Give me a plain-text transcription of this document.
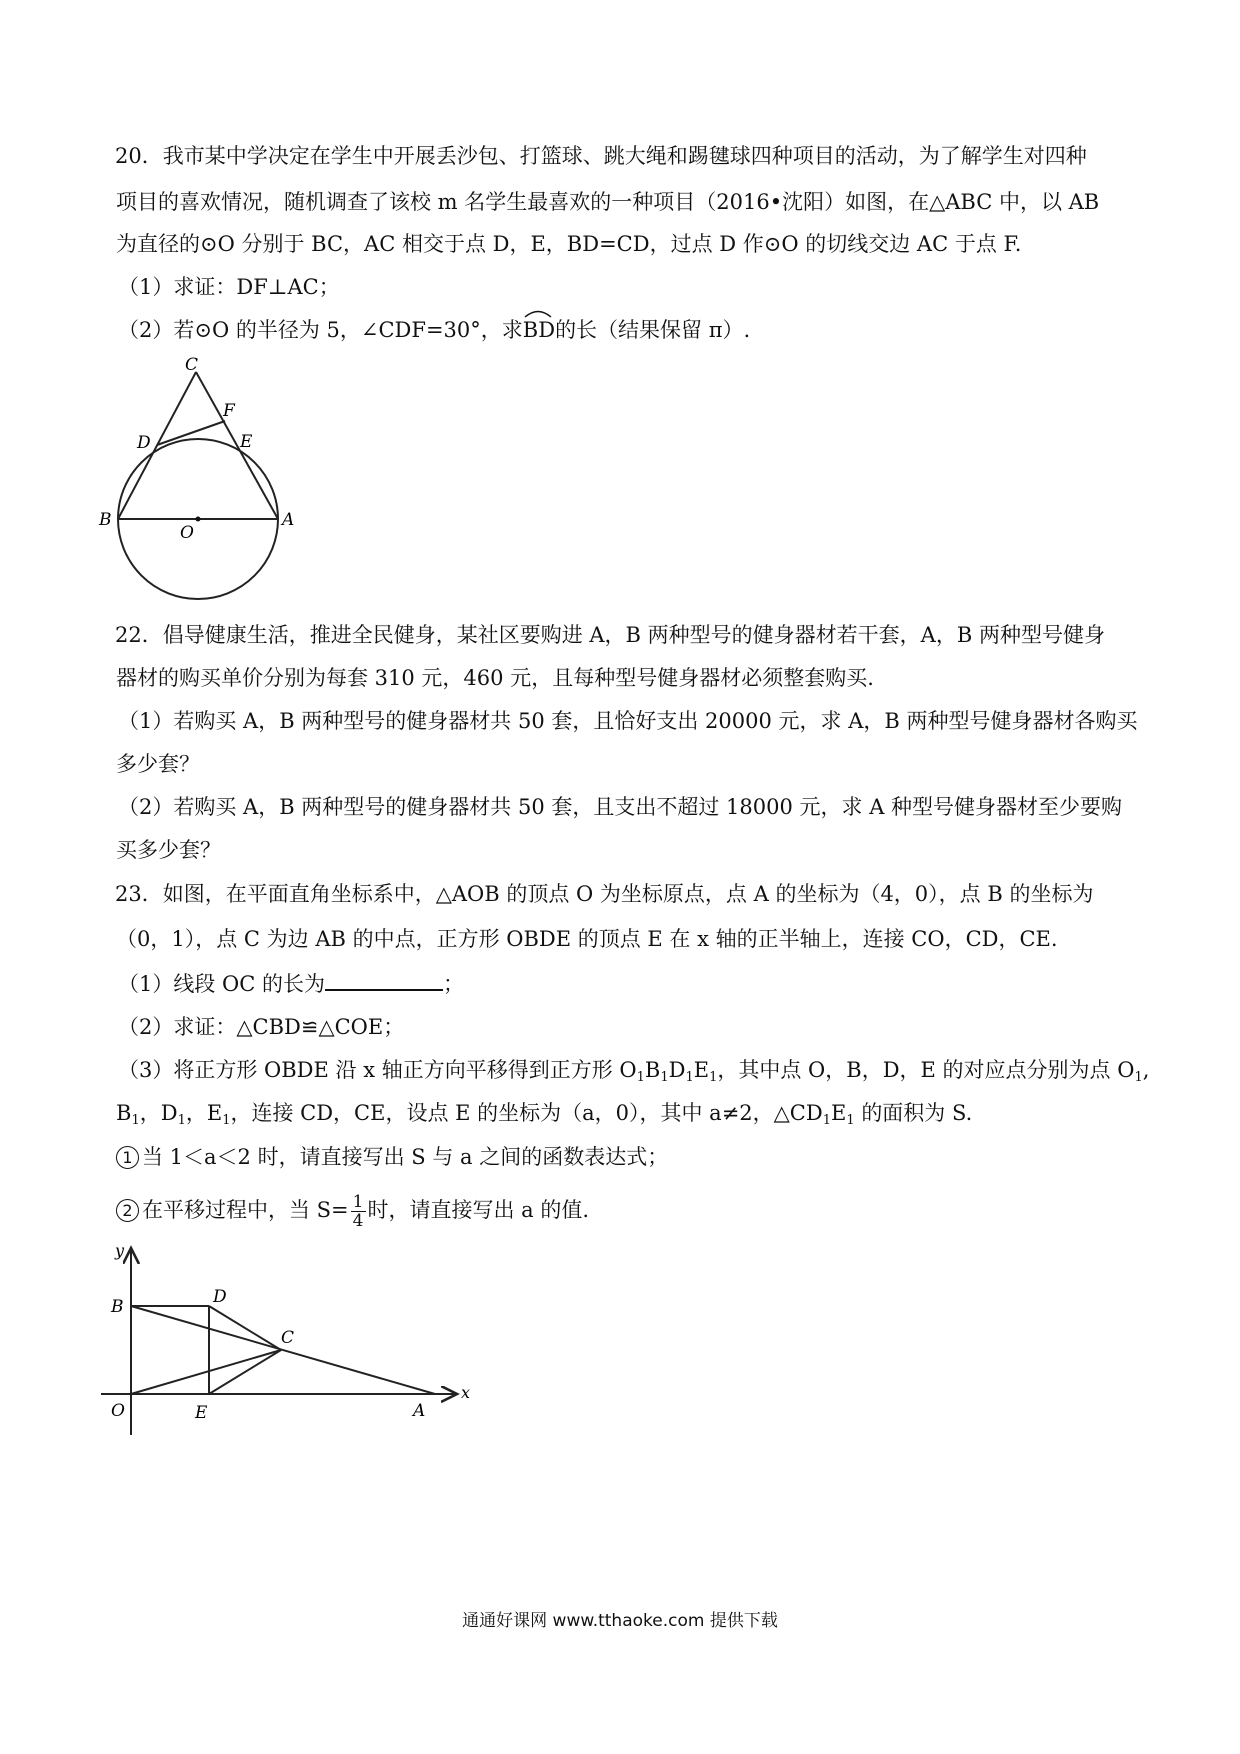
20．我市某中学决定在学生中开展丢沙包、打篮球、跳大绳和踢毽球四种项目的活动，为了解学生对四种

项目的喜欢情况，随机调查了该校 m 名学生最喜欢的一种项目（2016•沈阳）如图，在△ABC 中，以 AB

为直径的⊙O 分别于 BC，AC 相交于点 D，E，BD=CD，过点 D 作⊙O 的切线交边 AC 于点 F.

（1）求证：DF⊥AC；

（2）若⊙O 的半径为 5，∠CDF=30°，求
BD的长（结果保留 π）.

C
F
D	E
B
O
A

22．倡导健康生活，推进全民健身，某社区要购进 A，B 两种型号的健身器材若干套，A，B 两种型号健身

器材的购买单价分别为每套 310 元，460 元，且每种型号健身器材必须整套购买.

（1）若购买 A，B 两种型号的健身器材共 50 套，且恰好支出 20000 元，求 A，B 两种型号健身器材各购买

多少套？

（2）若购买 A，B 两种型号的健身器材共 50 套，且支出不超过 18000 元，求 A 种型号健身器材至少要购

买多少套？

23．如图，在平面直角坐标系中，△AOB 的顶点 O 为坐标原点，点 A 的坐标为（4，0），点 B 的坐标为

（0，1），点 C 为边 AB 的中点，正方形 OBDE 的顶点 E 在 x 轴的正半轴上，连接 CO，CD，CE.

（1）线段 OC 的长为	；

（2）求证：△CBD≌△COE；

（3）将正方形 OBDE 沿 x 轴正方向平移得到正方形 $O_1B_1D_1E_1$，其中点 O，B，D，E 的对应点分别为点 $O_1$,

$B_1$，$D_1$，$E_1$，连接 CD，CE，设点 E 的坐标为（a，0），其中 a≠2，$\triangle CD_1E_1$ 的面积为 S.

1 当 1＜a＜2 时，请直接写出 S 与 a 之间的函数表达式；

2 在平移过程中，当 $S= \frac{1}{4}$ 时，请直接写出 a 的值.

y
x
B	D
C
O	E	A
通通好课网 www.tthaoke.com 提供下载
